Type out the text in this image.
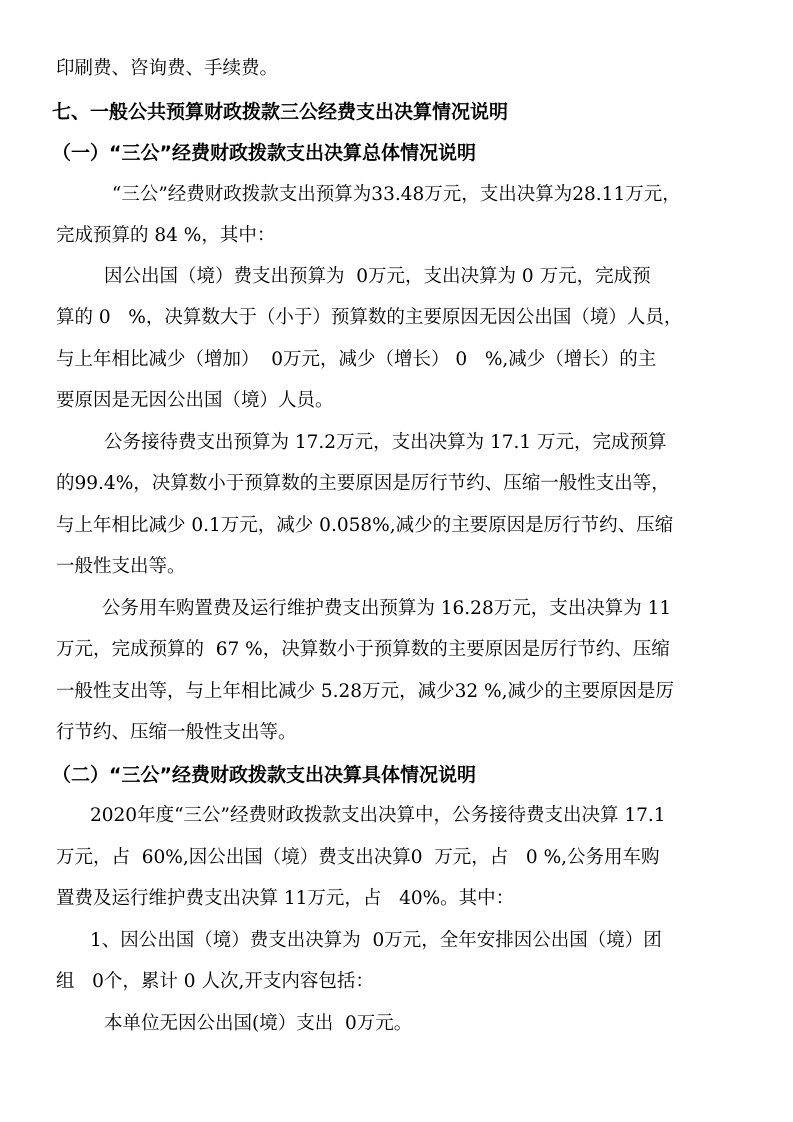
印刷费、咨询费、手续费。
七、一般公共预算财政拨款三公经费支出决算情况说明
（一）“三公”经费财政拨款支出决算总体情况说明
“三公”经费财政拨款支出预算为33.48万元，支出决算为28.11万元，
完成预算的 84 %，其中：
因公出国（境）费支出预算为  0万元，支出决算为 0 万元，完成预
算的 0   %，决算数大于（小于）预算数的主要原因无因公出国（境）人员，
与上年相比减少（增加）  0万元，减少（增长） 0   %,减少（增长）的主
要原因是无因公出国（境）人员。
公务接待费支出预算为 17.2万元，支出决算为 17.1 万元，完成预算
的99.4%，决算数小于预算数的主要原因是厉行节约、压缩一般性支出等，
与上年相比减少 0.1万元，减少 0.058%,减少的主要原因是厉行节约、压缩
一般性支出等。
公务用车购置费及运行维护费支出预算为 16.28万元，支出决算为 11
万元，完成预算的  67 %，决算数小于预算数的主要原因是厉行节约、压缩
一般性支出等，与上年相比减少 5.28万元，减少32 %,减少的主要原因是厉
行节约、压缩一般性支出等。
（二）“三公”经费财政拨款支出决算具体情况说明
2020年度“三公”经费财政拨款支出决算中，公务接待费支出决算 17.1
万元，占  60%,因公出国（境）费支出决算0  万元，占   0 %,公务用车购
置费及运行维护费支出决算 11万元，占   40%。其中：
1、因公出国（境）费支出决算为  0万元，全年安排因公出国（境）团
组   0个，累计 0 人次,开支内容包括：
本单位无因公出国(境）支出  0万元。
